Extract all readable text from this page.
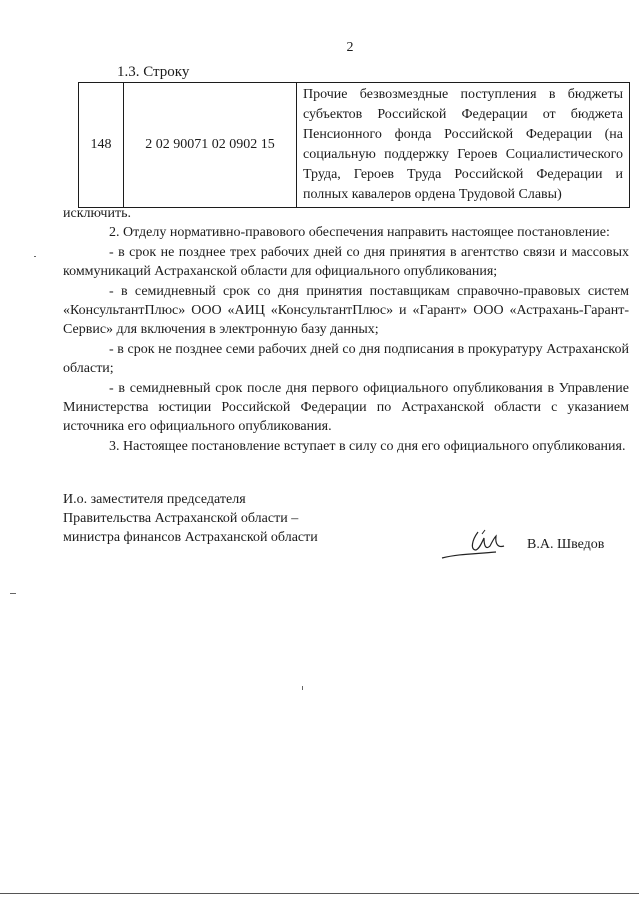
2
1.3. Строку
148	2 02 90071 02 0902 15	Прочие безвозмездные поступления в бюджеты субъектов Российской Федерации от бюджета Пенсионного фонда Российской Федерации (на социальную поддержку Героев Социалистического Труда, Героев Труда Российской Федерации и полных кавалеров ордена Трудовой Славы)

исключить.

2. Отделу нормативно-правового обеспечения направить настоящее постановление:

- в срок не позднее трех рабочих дней со дня принятия в агентство связи и массовых коммуникаций Астраханской области для официального опубликования;

- в семидневный срок со дня принятия поставщикам справочно-правовых систем «КонсультантПлюс» ООО «АИЦ «КонсультантПлюс» и «Гарант» ООО «Астрахань-Гарант-Сервис» для включения в электронную базу данных;

- в срок не позднее семи рабочих дней со дня подписания в прокуратуру Астраханской области;

- в семидневный срок после дня первого официального опубликования в Управление Министерства юстиции Российской Федерации по Астраханской области с указанием источника его официального опубликования.

3. Настоящее постановление вступает в силу со дня его официального опубликования.

И.о. заместителя председателя
Правительства Астраханской области –
министра финансов Астраханской области	В.А. Шведов
